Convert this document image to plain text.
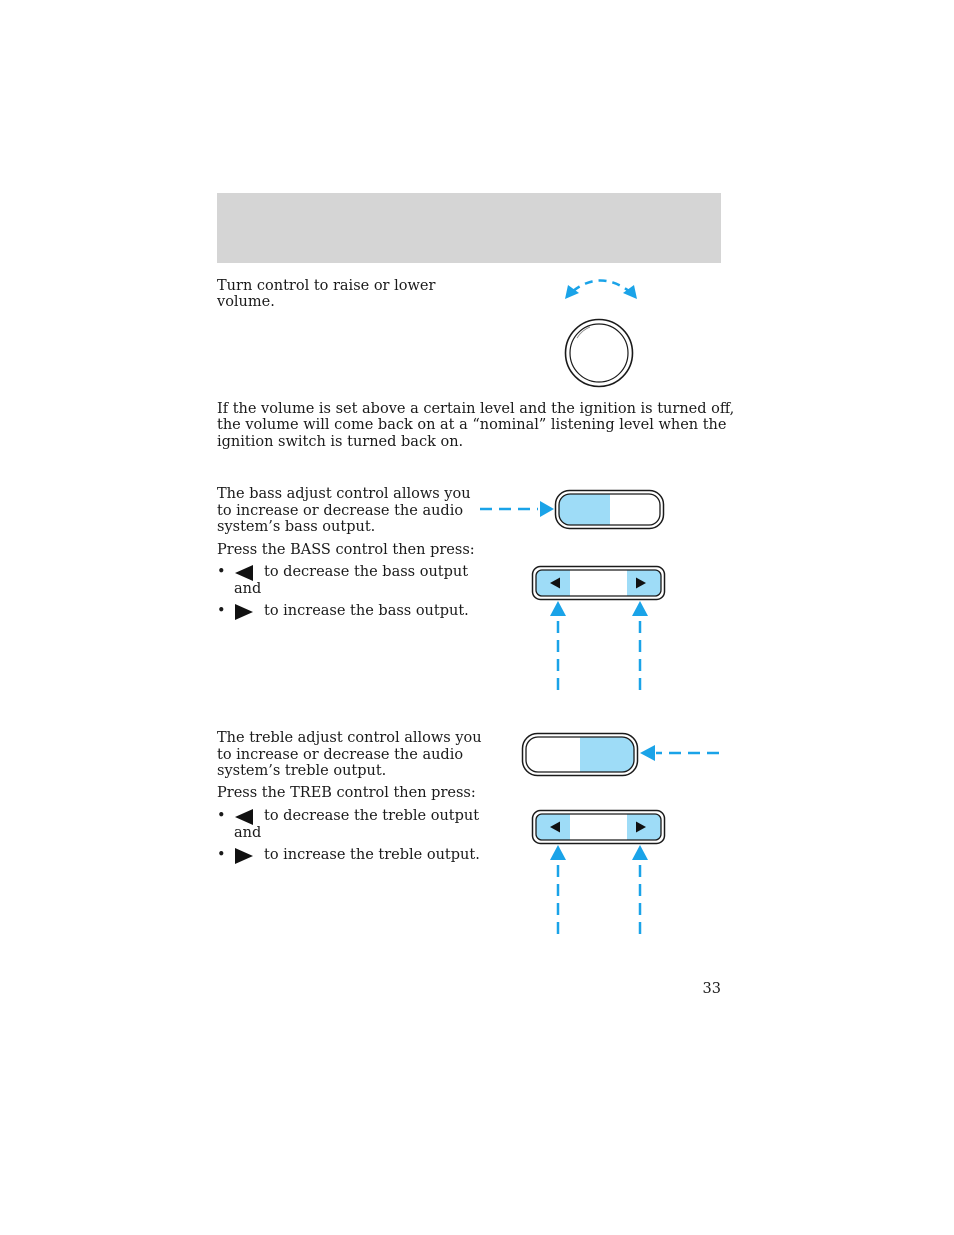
Turn control to raise or lower

volume.

If the volume is set above a certain level and the ignition is turned off,

the volume will come back on at a “nominal” listening level when the

ignition switch is turned back on.

The bass adjust control allows you

to increase or decrease the audio

system’s bass output.

Press the BASS control then press:

•	to decrease the bass output
and
•	to increase the bass output.

The treble adjust control allows you

to increase or decrease the audio

system’s treble output.

Press the TREB control then press:

•	to decrease the treble output
and
•	to increase the treble output.
33
